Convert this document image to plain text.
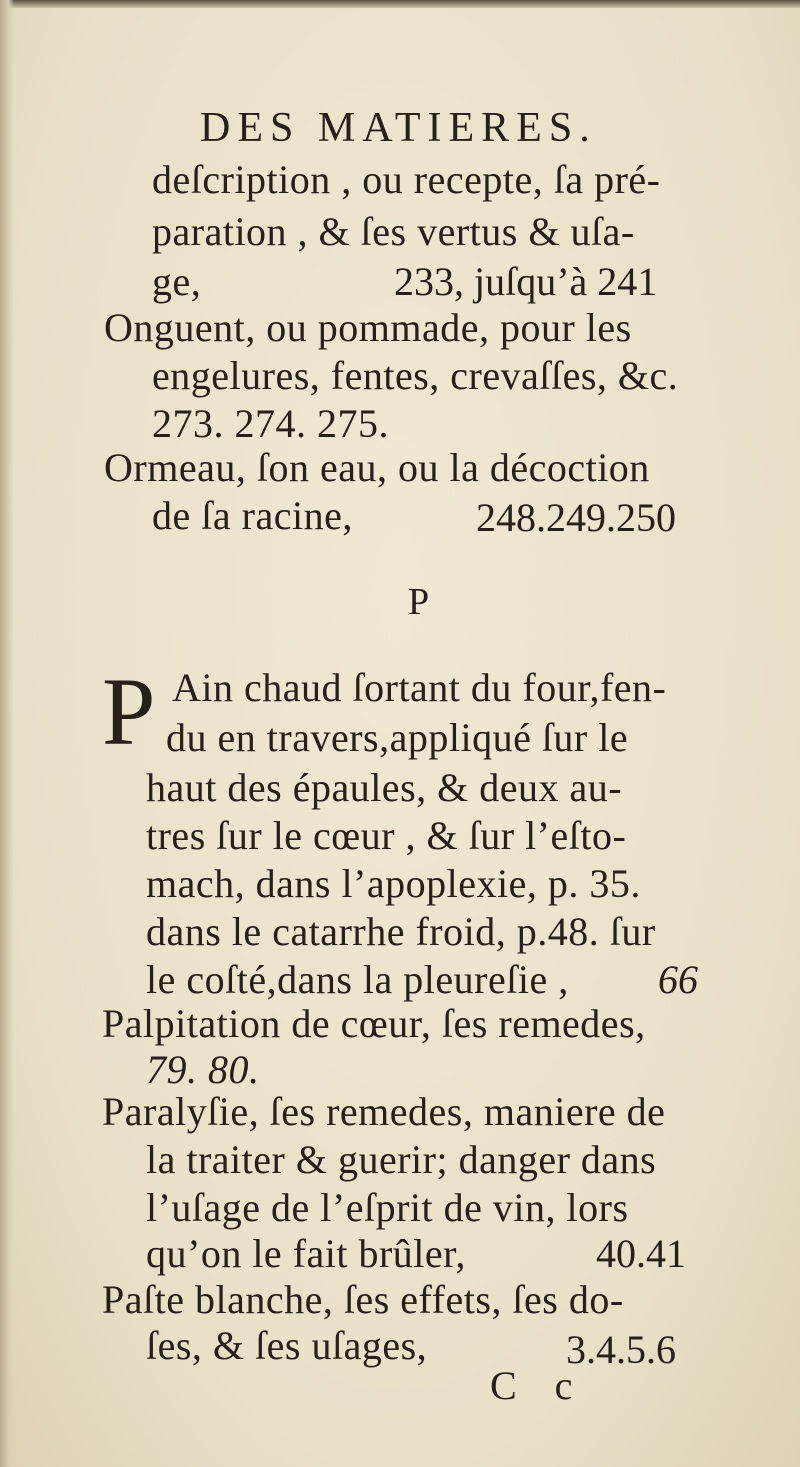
DES MATIERES.
deſcription , ou recepte, ſa pré-
paration , & ſes vertus & uſa-
ge,	233, juſqu’à 241
Onguent, ou pommade, pour les
engelures, fentes, crevaſſes, &c.
273. 274. 275.
Ormeau, ſon eau, ou la décoction
de ſa racine,	248.249.250
P
P Ain chaud ſortant du four,fen-
du en travers,appliqué ſur le
haut des épaules, & deux au-
tres ſur le cœur , & ſur l’eſto-
mach, dans l’apoplexie, p. 35.
dans le catarrhe froid, p.48. ſur
le coſté,dans la pleureſie , 66
Palpitation de cœur, ſes remedes,
79. 80.
Paralyſie, ſes remedes, maniere de
la traiter & guerir; danger dans
l’uſage de l’eſprit de vin, lors
qu’on le fait brûler,	40.41
Paſte blanche, ſes effets, ſes do-
ſes, & ſes uſages,	3.4.5.6
C c
